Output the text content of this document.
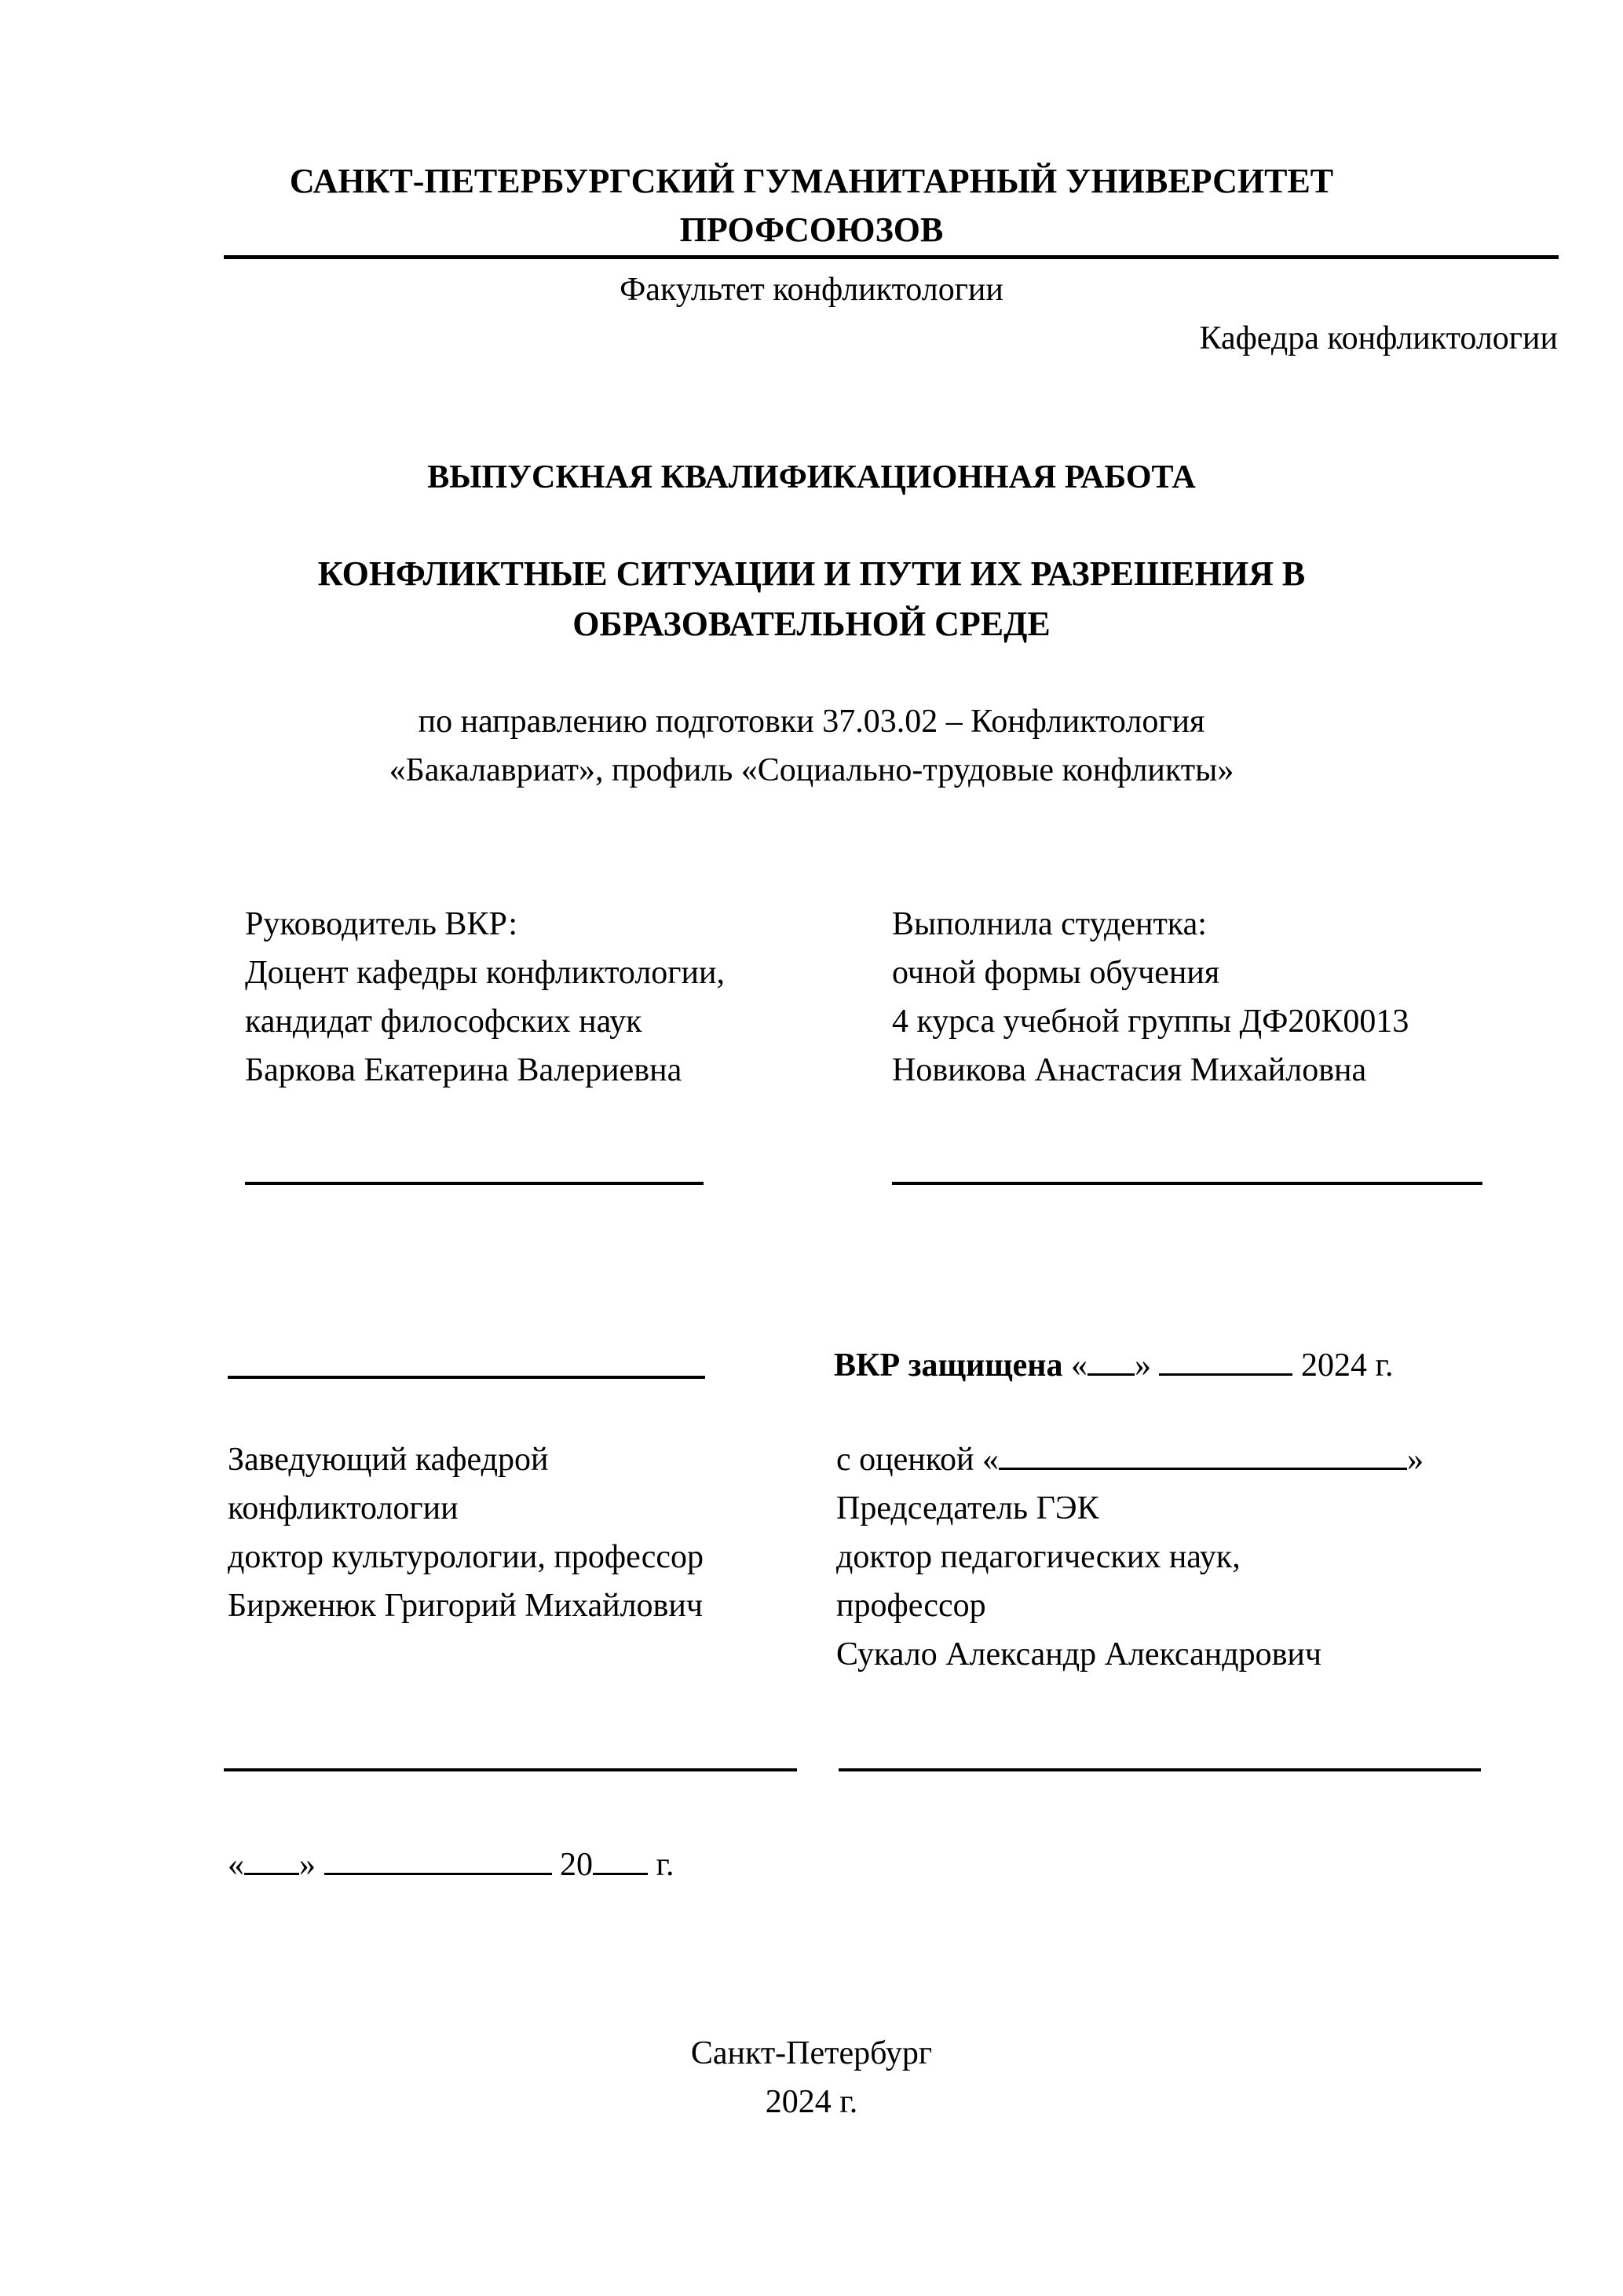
САНКТ-ПЕТЕРБУРГСКИЙ ГУМАНИТАРНЫЙ УНИВЕРСИТЕТ
ПРОФСОЮЗОВ
Факультет конфликтологии
Кафедра конфликтологии
ВЫПУСКНАЯ КВАЛИФИКАЦИОННАЯ РАБОТА
КОНФЛИКТНЫЕ СИТУАЦИИ И ПУТИ ИХ РАЗРЕШЕНИЯ В
ОБРАЗОВАТЕЛЬНОЙ СРЕДЕ
по направлению подготовки 37.03.02 – Конфликтология
«Бакалавриат», профиль «Социально-трудовые конфликты»
Руководитель ВКР:
Доцент кафедры конфликтологии,
кандидат философских наук
Баркова Екатерина Валериевна
Выполнила студентка:
очной формы обучения
4 курса учебной группы ДФ20К0013
Новикова Анастасия Михайловна
ВКР защищена « »	2024 г.
Заведующий кафедрой
конфликтологии
доктор культурологии, профессор
Бирженюк Григорий Михайлович
с оценкой «	»
Председатель ГЭК
доктор педагогических наук,
профессор
Сукало Александр Александрович
« »	20 г.
Санкт-Петербург
2024 г.
